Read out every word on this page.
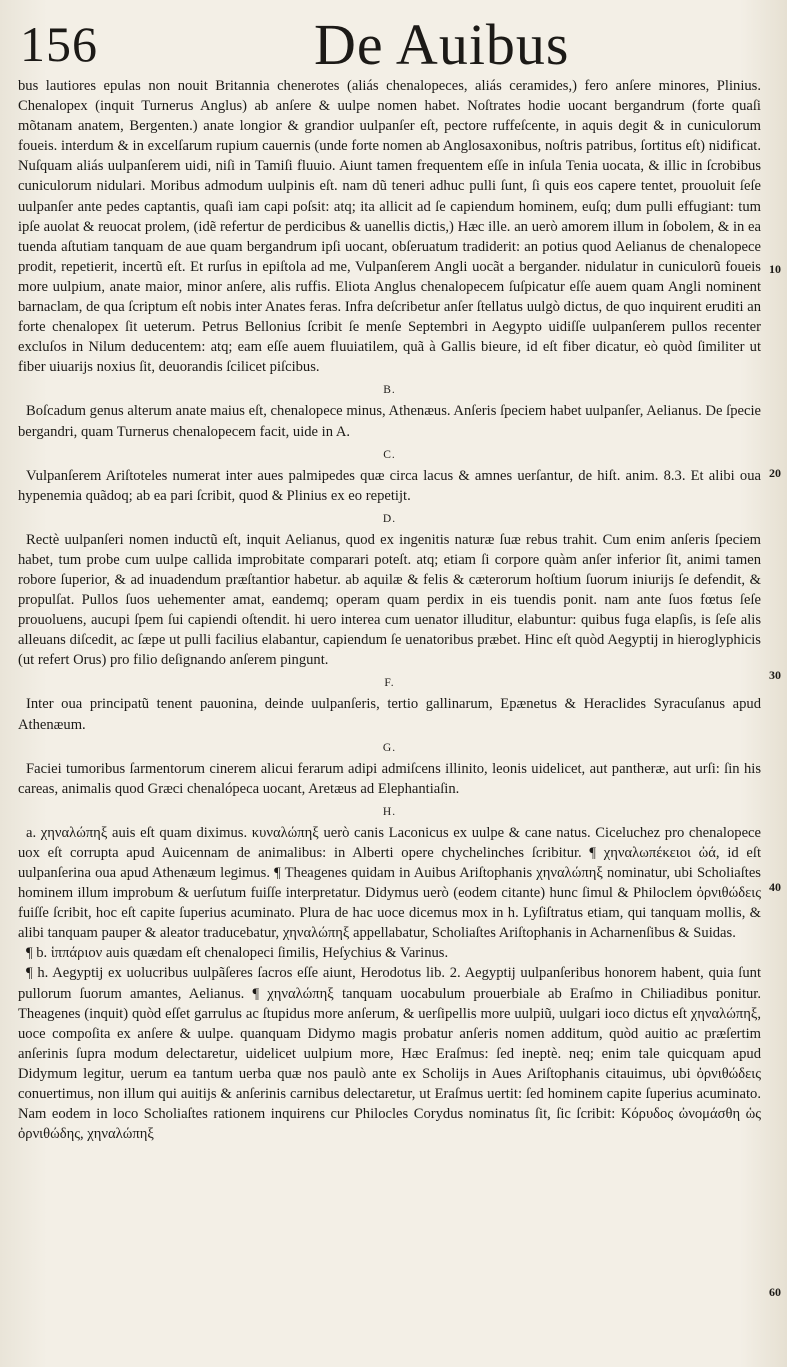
156	De Auibus

bus lautiores epulas non nouit Britannia chenerotes (aliás chenalopeces, aliás ceramides,) fero anſere minores, Plinius. Chenalopex (inquit Turnerus Anglus) ab anſere & uulpe nomen habet. Noſtrates hodie uocant bergandrum (forte quaſi mõtanam anatem, Bergenten.) anate longior & grandior uulpanſer eſt, pectore ruffeſcente, in aquis degit & in cuniculorum foueis. interdum & in excelſarum rupium cauernis (unde forte nomen ab Anglosaxonibus, noſtris patribus, ſortitus eſt) nidificat. Nuſquam aliás uulpanſerem uidi, niſi in Tamiſi fluuio. Aiunt tamen frequentem eſſe in inſula Tenia uocata, & illic in ſcrobibus cuniculorum nidulari. Moribus admodum uulpinis eſt. nam dũ teneri adhuc pulli ſunt, ſi quis eos capere tentet, prouoluit ſeſe uulpanſer ante pedes captantis, quaſi iam capi poſsit: atq; ita allicit ad ſe capiendum hominem, euſq; dum pulli effugiant: tum ipſe auolat & reuocat prolem, (idẽ refertur de perdicibus & uanellis dictis,) Hæc ille. an uerò amorem illum in ſobolem, & in ea tuenda aſtutiam tanquam de aue quam bergandrum ipſi uocant, obſeruatum tradiderit: an potius quod Aelianus de chenalopece prodit, repetierit, incertũ eſt. Et rurſus in epiſtola ad me, Vulpanſerem Angli uocãt a bergander. nidulatur in cuniculorũ foueis more uulpium, anate maior, minor anſere, alis ruffis. Eliota Anglus chenalopecem ſuſpicatur eſſe auem quam Angli nominent barnaclam, de qua ſcriptum eſt nobis inter Anates feras. Infra deſcribetur anſer ſtellatus uulgò dictus, de quo inquirent eruditi an forte chenalopex ſit ueterum. Petrus Bellonius ſcribit ſe menſe Septembri in Aegypto uidiſſe uulpanſerem pullos recenter excluſos in Nilum deducentem: atq; eam eſſe auem fluuiatilem, quã à Gallis bieure, id eſt fiber dicatur, eò quòd ſimiliter ut fiber uiuarijs noxius ſit, deuorandis ſcilicet piſcibus.

B.

Boſcadum genus alterum anate maius eſt, chenalopece minus, Athenæus. Anſeris ſpeciem habet uulpanſer, Aelianus. De ſpecie bergandri, quam Turnerus chenalopecem facit, uide in A.

C.

Vulpanſerem Ariſtoteles numerat inter aues palmipedes quæ circa lacus & amnes uerſantur, de hiſt. anim. 8.3. Et alibi oua hypenemia quãdoq; ab ea pari ſcribit, quod & Plinius ex eo repetijt.

D.

Rectè uulpanſeri nomen inductũ eſt, inquit Aelianus, quod ex ingenitis naturæ ſuæ rebus trahit. Cum enim anſeris ſpeciem habet, tum probe cum uulpe callida improbitate comparari poteſt. atq; etiam ſi corpore quàm anſer inferior ſit, animi tamen robore ſuperior, & ad inuadendum præſtantior habetur. ab aquilæ & felis & cæterorum hoſtium ſuorum iniurijs ſe defendit, & propulſat. Pullos ſuos uehementer amat, eandemq; operam quam perdix in eis tuendis ponit. nam ante ſuos fœtus ſeſe prouoluens, aucupi ſpem ſui capiendi oſtendit. hi uero interea cum uenator illuditur, elabuntur: quibus fuga elapſis, is ſeſe alis alleuans diſcedit, ac ſæpe ut pulli facilius elabantur, capiendum ſe uenatoribus præbet. Hinc eſt quòd Aegyptij in hieroglyphicis (ut refert Orus) pro filio deſignando anſerem pingunt.

F.

Inter oua principatũ tenent pauonina, deinde uulpanſeris, tertio gallinarum, Epænetus & Heraclides Syracuſanus apud Athenæum.

G.

Faciei tumoribus ſarmentorum cinerem alicui ferarum adipi admiſcens illinito, leonis uidelicet, aut pantheræ, aut urſi: ſin his careas, animalis quod Græci chenalópeca uocant, Aretæus ad Elephantiaſin.

H.

a. χηναλώπηξ auis eſt quam diximus. κυναλώπηξ uerò canis Laconicus ex uulpe & cane natus. Ciceluchez pro chenalopece uox eſt corrupta apud Auicennam de animalibus: in Alberti opere chychelinches ſcribitur. ¶ χηναλωπέκειοι ὠά, id eſt uulpanſerina oua apud Athenæum legimus. ¶ Theagenes quidam in Auibus Ariſtophanis χηναλώπηξ nominatur, ubi Scholiaſtes hominem illum improbum & uerſutum fuiſſe interpretatur. Didymus uerò (eodem citante) hunc ſimul & Philoclem ὀρνιθώδεις fuiſſe ſcribit, hoc eſt capite ſuperius acuminato. Plura de hac uoce dicemus mox in h. Lyſiſtratus etiam, qui tanquam mollis, & alibi tanquam pauper & aleator traducebatur, χηναλώπηξ appellabatur, Scholiaſtes Ariſtophanis in Acharnenſibus & Suidas.

¶ b. ἱππάριον auis quædam eſt chenalopeci ſimilis, Heſychius & Varinus.

¶ h. Aegyptij ex uolucribus uulpãſeres ſacros eſſe aiunt, Herodotus lib. 2. Aegyptij uulpanſeribus honorem habent, quia ſunt pullorum ſuorum amantes, Aelianus. ¶ χηναλώπηξ tanquam uocabulum prouerbiale ab Eraſmo in Chiliadibus ponitur. Theagenes (inquit) quòd eſſet garrulus ac ſtupidus more anſerum, & uerſipellis more uulpiũ, uulgari ioco dictus eſt χηναλώπηξ, uoce compoſita ex anſere & uulpe. quanquam Didymo magis probatur anſeris nomen additum, quòd auitio ac præſertim anſerinis ſupra modum delectaretur, uidelicet uulpium more, Hæc Eraſmus: ſed ineptè. neq; enim tale quicquam apud Didymum legitur, uerum ea tantum uerba quæ nos paulò ante ex Scholijs in Aues Ariſtophanis citauimus, ubi ὀρνιθώδεις conuertimus, non illum qui auitijs & anſerinis carnibus delectaretur, ut Eraſmus uertit: ſed hominem capite ſuperius acuminato. Nam eodem in loco Scholiaſtes rationem inquirens cur Philocles Corydus nominatus ſit, ſic ſcribit: Κόρυδος ὠνομάσθη ὡς ὀρνιθώδης, χηναλώπηξ

10
20
30
40
60
